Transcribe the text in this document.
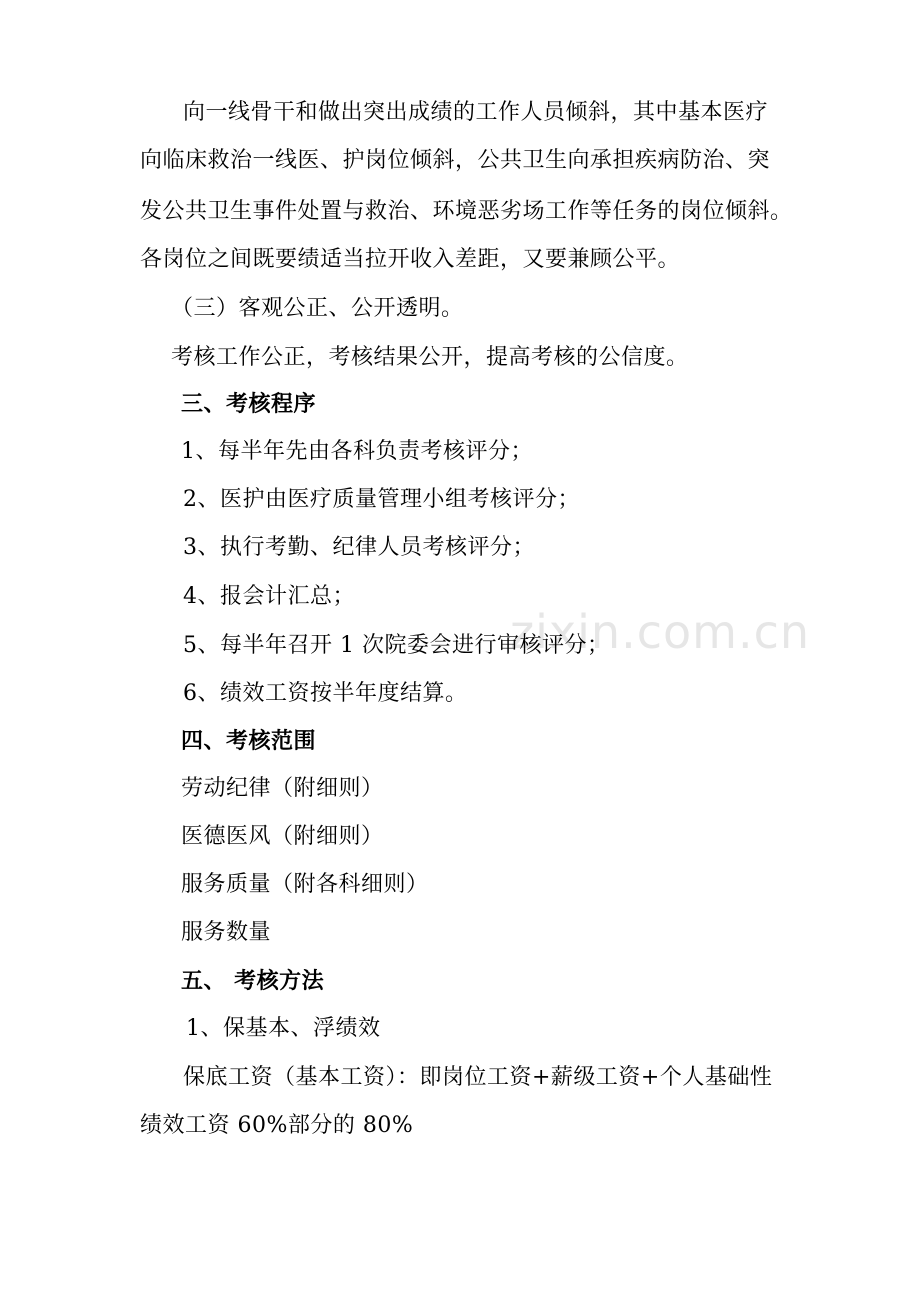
zixin.com.cn
向一线骨干和做出突出成绩的工作人员倾斜，其中基本医疗
向临床救治一线医、护岗位倾斜，公共卫生向承担疾病防治、突
发公共卫生事件处置与救治、环境恶劣场工作等任务的岗位倾斜。
各岗位之间既要绩适当拉开收入差距，又要兼顾公平。
（三）客观公正、公开透明。
考核工作公正，考核结果公开，提高考核的公信度。
三、考核程序
1、每半年先由各科负责考核评分；
2、医护由医疗质量管理小组考核评分；
3、执行考勤、纪律人员考核评分；
4、报会计汇总；
5、每半年召开 1 次院委会进行审核评分；
6、绩效工资按半年度结算。
四、考核范围
劳动纪律（附细则）
医德医风（附细则）
服务质量（附各科细则）
服务数量
五、 考核方法
1、保基本、浮绩效
保底工资（基本工资）：即岗位工资+薪级工资+个人基础性
绩效工资 60%部分的 80%
